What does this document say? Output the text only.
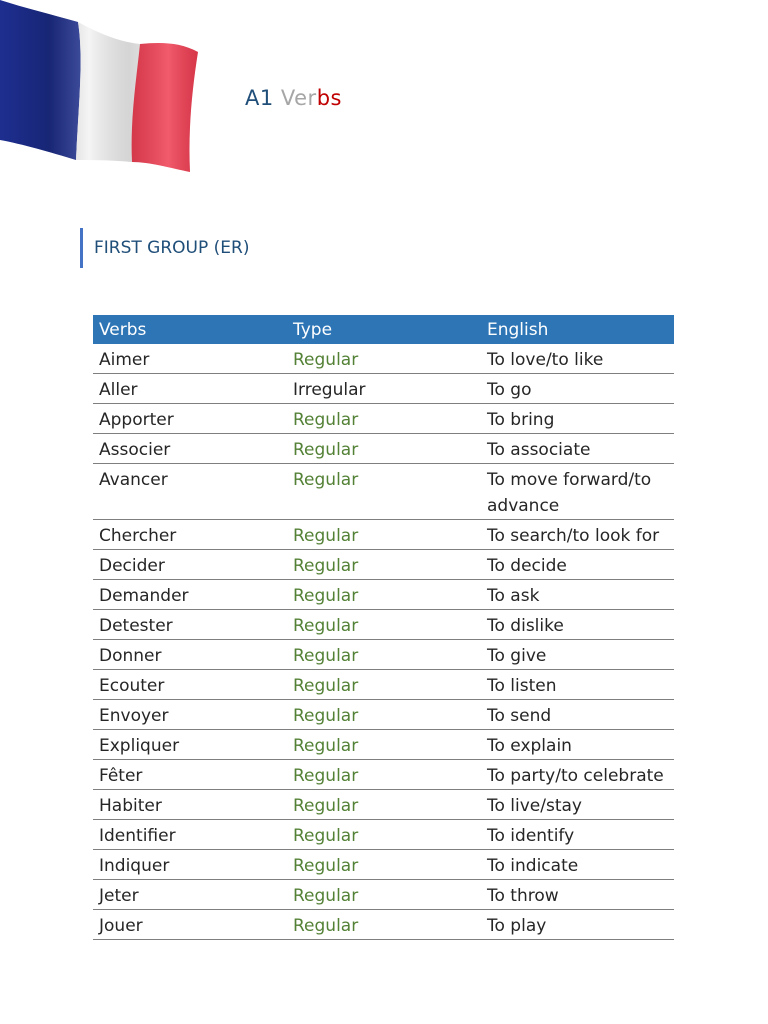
A1 Verbs
FIRST GROUP (ER)
Verbs	Type	English
Aimer	Regular	To love/to like
Aller	Irregular	To go
Apporter	Regular	To bring
Associer	Regular	To associate
Avancer	Regular	To move forward/to advance
Chercher	Regular	To search/to look for
Decider	Regular	To decide
Demander	Regular	To ask
Detester	Regular	To dislike
Donner	Regular	To give
Ecouter	Regular	To listen
Envoyer	Regular	To send
Expliquer	Regular	To explain
Fêter	Regular	To party/to celebrate
Habiter	Regular	To live/stay
Identifier	Regular	To identify
Indiquer	Regular	To indicate
Jeter	Regular	To throw
Jouer	Regular	To play
